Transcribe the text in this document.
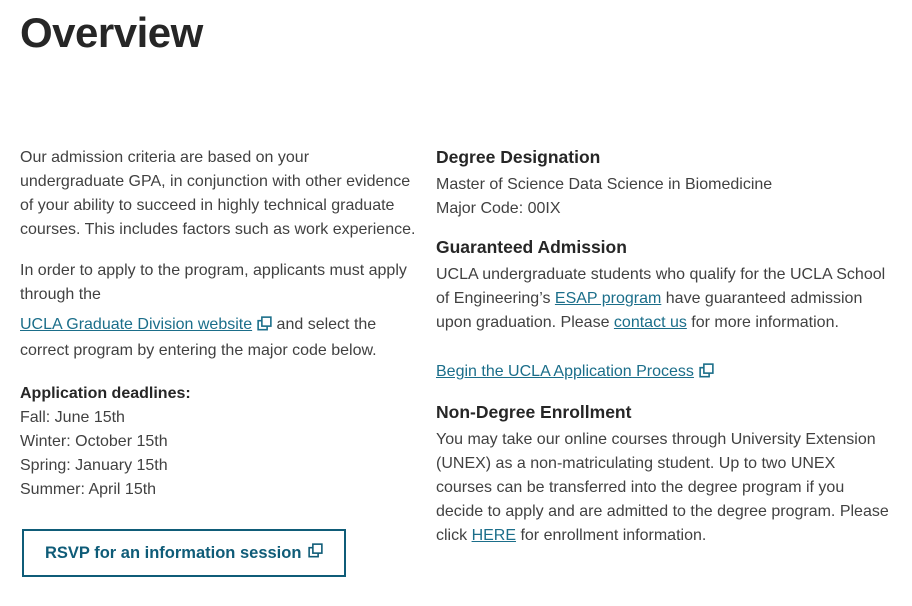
Overview

Our admission criteria are based on your undergraduate GPA, in conjunction with other evidence of your ability to succeed in highly technical graduate courses. This includes factors such as work experience.

In order to apply to the program, applicants must apply through the

UCLA Graduate Division website and select the correct program by entering the major code below.

Application deadlines:
Fall: June 15th
Winter: October 15th
Spring: January 15th
Summer: April 15th
RSVP for an information session
Degree Designation

Master of Science Data Science in Biomedicine
Major Code: 00IX

Guaranteed Admission

UCLA undergraduate students who qualify for the UCLA School of Engineering’s ESAP program have guaranteed admission upon graduation. Please contact us for more information.

Begin the UCLA Application Process

Non-Degree Enrollment

You may take our online courses through University Extension (UNEX) as a non-matriculating student. Up to two UNEX courses can be transferred into the degree program if you decide to apply and are admitted to the degree program. Please click HERE for enrollment information.
